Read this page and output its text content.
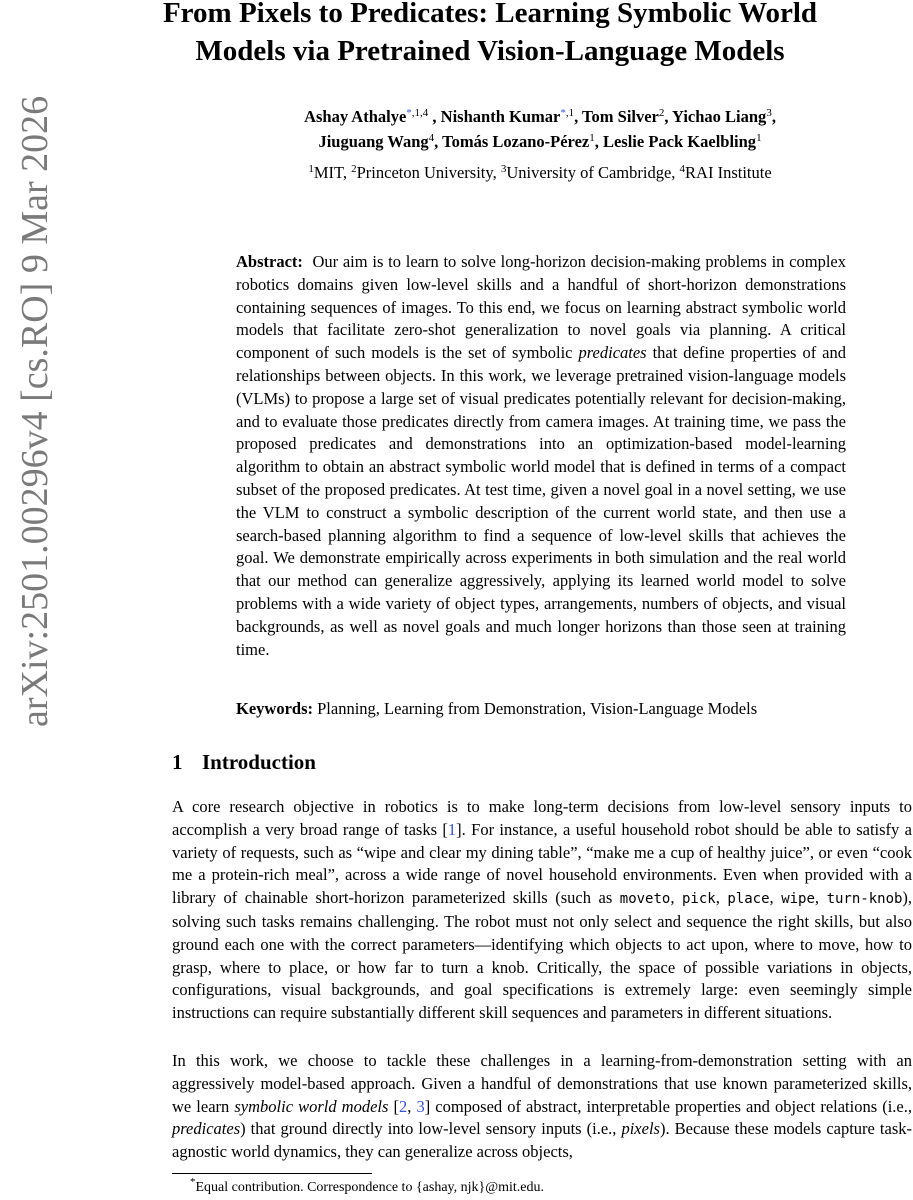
From Pixels to Predicates: Learning Symbolic World Models via Pretrained Vision-Language Models
Ashay Athalye$^{*,1,4}$ , Nishanth Kumar$^{*,1}$, Tom Silver$^2$, Yichao Liang$^3$,
Jiuguang Wang$^4$, Tomás Lozano-Pérez$^1$, Leslie Pack Kaelbling$^1$
$^1$MIT, $^2$Princeton University, $^3$University of Cambridge, $^4$RAI Institute
arXiv:2501.00296v4 [cs.RO] 9 Mar 2026	Abstract: Our aim is to learn to solve long-horizon decision-making problems in complex robotics domains given low-level skills and a handful of short-horizon demonstrations containing sequences of images. To this end, we focus on learning abstract symbolic world models that facilitate zero-shot generalization to novel goals via planning. A critical component of such models is the set of symbolic predicates that define properties of and relationships between objects. In this work, we leverage pretrained vision-language models (VLMs) to propose a large set of visual predicates potentially relevant for decision-making, and to evaluate those predicates directly from camera images. At training time, we pass the proposed predicates and demonstrations into an optimization-based model-learning algorithm to obtain an abstract symbolic world model that is defined in terms of a compact subset of the proposed predicates. At test time, given a novel goal in a novel setting, we use the VLM to construct a symbolic description of the current world state, and then use a search-based planning algorithm to find a sequence of low-level skills that achieves the goal. We demonstrate empirically across experiments in both simulation and the real world that our method can generalize aggressively, applying its learned world model to solve problems with a wide variety of object types, arrangements, numbers of objects, and visual backgrounds, as well as novel goals and much longer horizons than those seen at training time.
Keywords: Planning, Learning from Demonstration, Vision-Language Models
1 Introduction
A core research objective in robotics is to make long-term decisions from low-level sensory inputs to accomplish a very broad range of tasks [1]. For instance, a useful household robot should be able to satisfy a variety of requests, such as “wipe and clear my dining table”, “make me a cup of healthy juice”, or even “cook me a protein-rich meal”, across a wide range of novel household environments. Even when provided with a library of chainable short-horizon parameterized skills (such as moveto, pick, place, wipe, turn-knob), solving such tasks remains challenging. The robot must not only select and sequence the right skills, but also ground each one with the correct parameters—identifying which objects to act upon, where to move, how to grasp, where to place, or how far to turn a knob. Critically, the space of possible variations in objects, configurations, visual backgrounds, and goal specifications is extremely large: even seemingly simple instructions can require substantially different skill sequences and parameters in different situations.
In this work, we choose to tackle these challenges in a learning-from-demonstration setting with an aggressively model-based approach. Given a handful of demonstrations that use known parameterized skills, we learn symbolic world models [2, 3] composed of abstract, interpretable properties and object relations (i.e., predicates) that ground directly into low-level sensory inputs (i.e., pixels). Because these models capture task-agnostic world dynamics, they can generalize across objects,
*Equal contribution. Correspondence to {ashay, njk}@mit.edu.
